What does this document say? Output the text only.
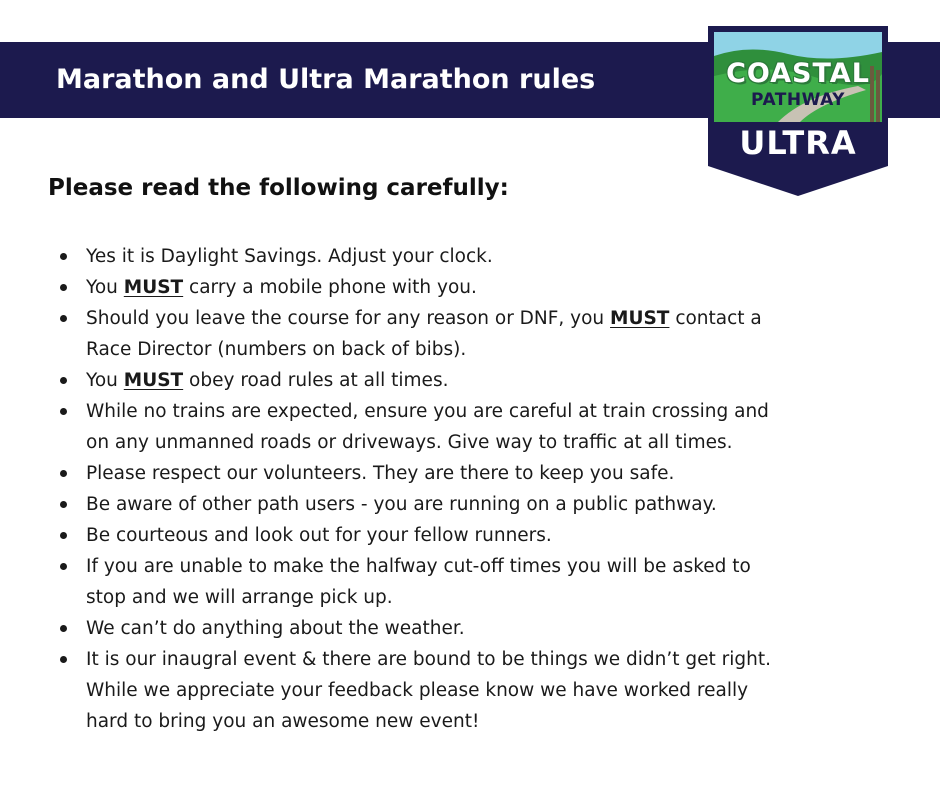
Marathon and Ultra Marathon rules	COASTAL
PATHWAY
ULTRA
Please read the following carefully:
Yes it is Daylight Savings. Adjust your clock.
You MUST carry a mobile phone with you.
Should you leave the course for any reason or DNF, you MUST contact a
Race Director (numbers on back of bibs).
You MUST obey road rules at all times.
While no trains are expected, ensure you are careful at train crossing and
on any unmanned roads or driveways. Give way to traffic at all times.
Please respect our volunteers. They are there to keep you safe.
Be aware of other path users - you are running on a public pathway.
Be courteous and look out for your fellow runners.
If you are unable to make the halfway cut-off times you will be asked to
stop and we will arrange pick up.
We can’t do anything about the weather.
It is our inaugral event & there are bound to be things we didn’t get right.
While we appreciate your feedback please know we have worked really
hard to bring you an awesome new event!
